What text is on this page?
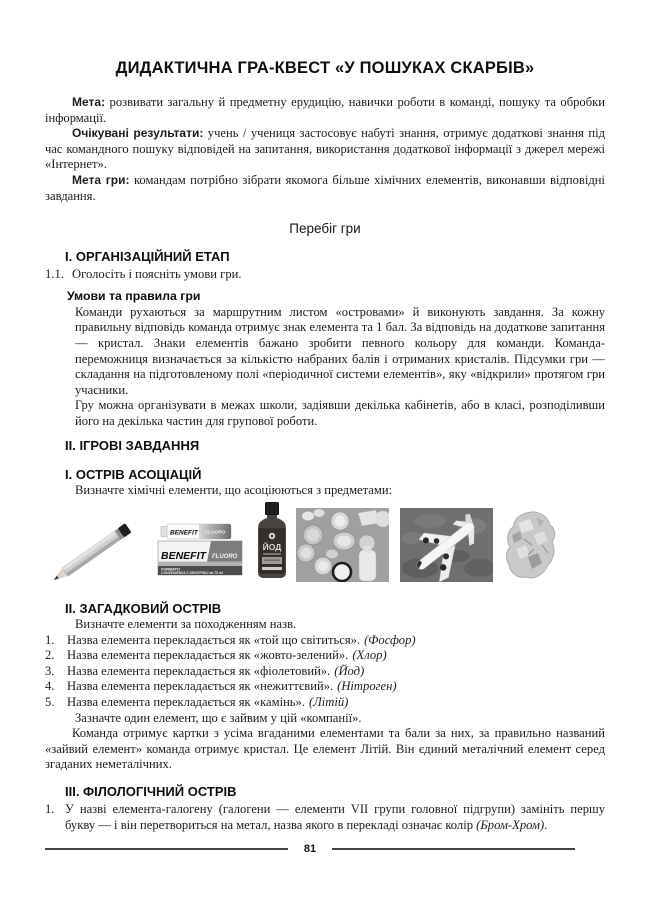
ДИДАКТИЧНА ГРА-КВЕСТ «У ПОШУКАХ СКАРБІВ»

Мета: розвивати загальну й предметну ерудицію, навички роботи в команді, пошуку та обробки інформації.

Очікувані результати: учень / учениця застосовує набуті знання, отримує додаткові знання під час командного пошуку відповідей на запитання, використання додаткової інформації з джерел мережі «Інтернет».

Мета гри: командам потрібно зібрати якомога більше хімічних елементів, виконавши відповідні завдання.

Перебіг гри
I. ОРГАНІЗАЦІЙНИЙ ЕТАП
1.1. Оголосіть і поясніть умови гри.
Умови та правила гри

Команди рухаються за маршрутним листом «островами» й виконують завдання. За кожну правильну відповідь команда отримує знак елемента та 1 бал. За відповідь на додаткове запитання — кристал. Знаки елементів бажано зробити певного кольору для команди. Команда-переможниця визначається за кількістю набраних балів і отриманих кристалів. Підсумки гри — складання на підготовленому полі «періодичної системи елементів», яку «відкрили» протягом гри учасники.

Гру можна організувати в межах школи, задіявши декілька кабінетів, або в класі, розподіливши його на декілька частин для групової роботи.

II. ІГРОВІ ЗАВДАННЯ
I. ОСТРІВ АСОЦІАЦІЙ
Визначте хімічні елементи, що асоціюються з предметами:
BENEFIT FLUORO
BENEFIT FLUORO
FORMATO
CONVENIENZA 2 DENTIFRICI da 75 ml
ЙОД
II. ЗАГАДКОВИЙ ОСТРІВ
Визначте елементи за походженням назв.
1. Назва елемента перекладається як «той що світиться». (Фосфор)
2. Назва елемента перекладається як «жовто-зелений». (Хлор)
3. Назва елемента перекладається як «фіолетовий». (Йод)
4. Назва елемента перекладається як «нежиттєвий». (Нітроген)
5. Назва елемента перекладається як «камінь». (Літій)
Зазначте один елемент, що є зайвим у цій «компанії».

Команда отримує картки з усіма вгаданими елементами та бали за них, за правильно названий «зайвий елемент» команда отримує кристал. Це елемент Літій. Він єдиний металічний елемент серед згаданих неметалічних.

III. ФІЛОЛОГІЧНИЙ ОСТРІВ
1. У назві елемента-галогену (галогени — елементи VII групи головної підгрупи) замініть першу букву — і він перетвориться на метал, назва якого в перекладі означає колір (Бром-Хром).
81
